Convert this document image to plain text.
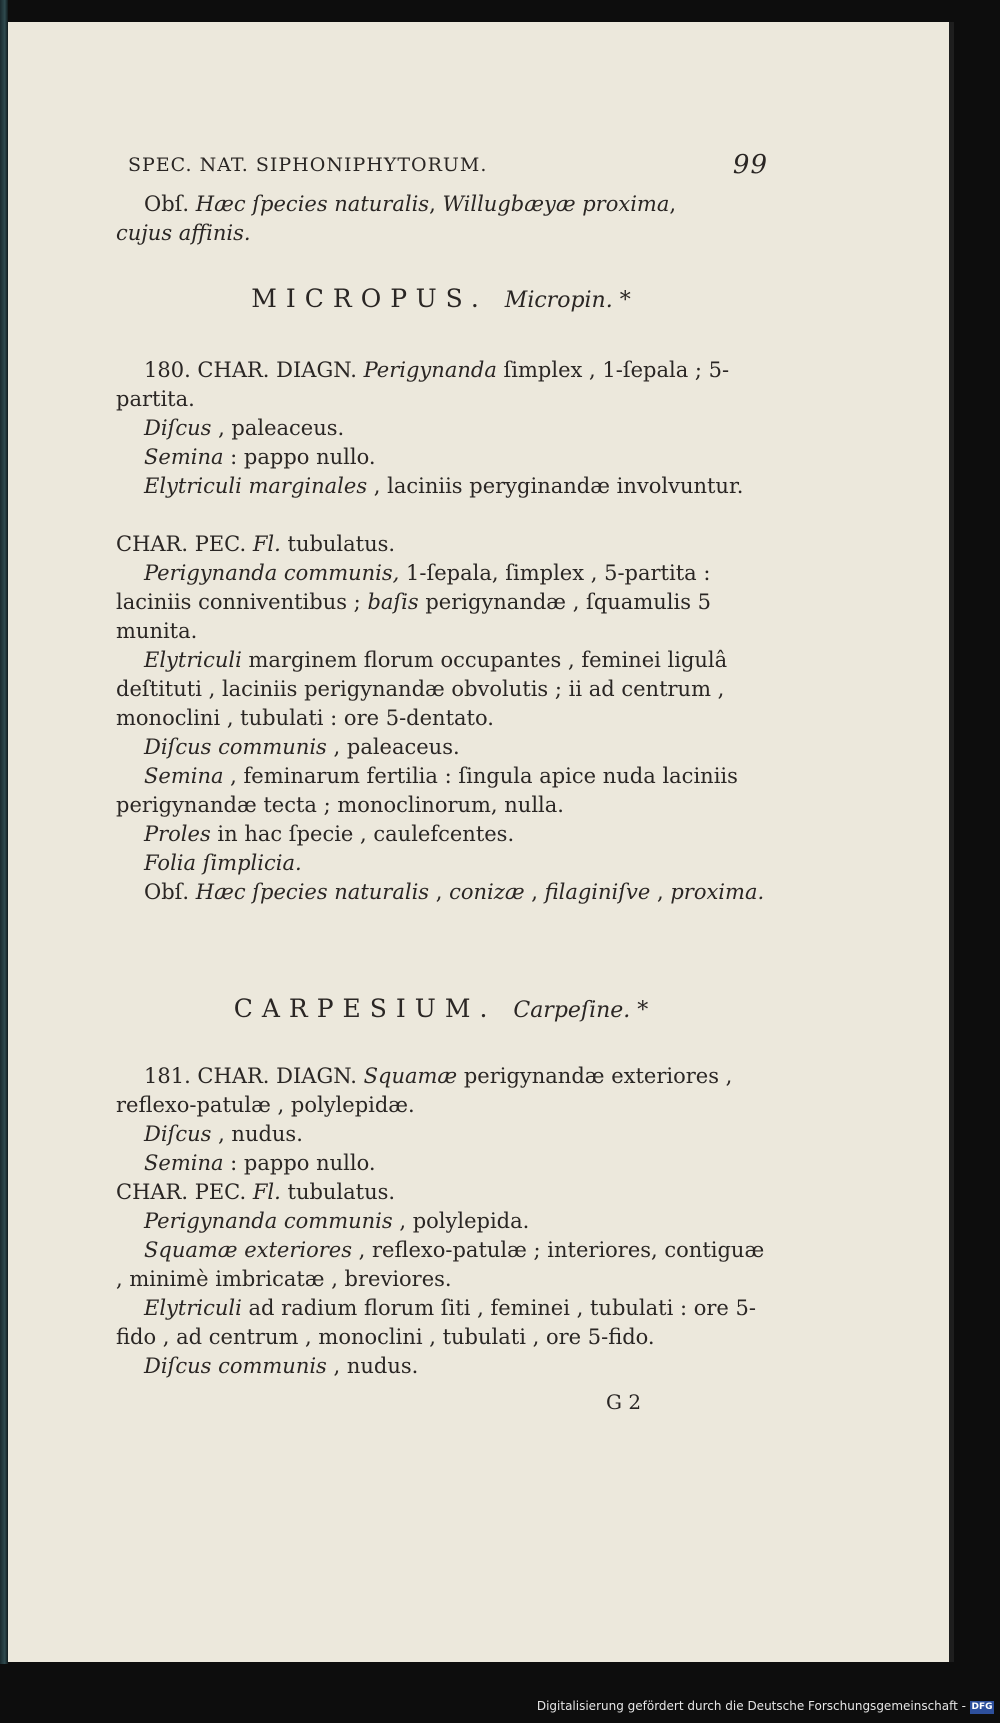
SPEC. NAT. SIPHONIPHYTORUM.	99
Obſ. Hæc ſpecies naturalis, Willugbæyæ proxima,
cujus affinis.
MICROPUS. Micropin. *
180. CHAR. DIAGN. Perigynanda ſimplex , 1-ſepala ; 5-partita.
Diſcus , paleaceus.
Semina : pappo nullo.
Elytriculi marginales , laciniis peryginandæ involvuntur.
CHAR. PEC. Fl. tubulatus.
Perigynanda communis, 1-ſepala, ſimplex , 5-partita : laciniis conniventibus ; baſis perigynandæ , ſquamulis 5 munita.
Elytriculi marginem florum occupantes , feminei ligulâ deſtituti , laciniis perigynandæ obvolutis ; ii ad centrum , monoclini , tubulati : ore 5-dentato.
Diſcus communis , paleaceus.
Semina , feminarum fertilia : ſingula apice nuda laciniis perigynandæ tecta ; monoclinorum, nulla.
Proles in hac ſpecie , caulefcentes.
Folia ſimplicia.
Obſ. Hæc ſpecies naturalis , conizæ , filaginiſve , proxima.
CARPESIUM. Carpeſine. *
181. CHAR. DIAGN. Squamæ perigynandæ exteriores , reflexo-patulæ , polylepidæ.
Diſcus , nudus.
Semina : pappo nullo.
CHAR. PEC. Fl. tubulatus.
Perigynanda communis , polylepida.
Squamæ exteriores , reflexo-patulæ ; interiores, contiguæ , minimè imbricatæ , breviores.
Elytriculi ad radium florum ſiti , feminei , tubulati : ore 5-fido , ad centrum , monoclini , tubulati , ore 5-fido.
Diſcus communis , nudus.
G 2
Digitalisierung gefördert durch die Deutsche Forschungsgemeinschaft - DFG
